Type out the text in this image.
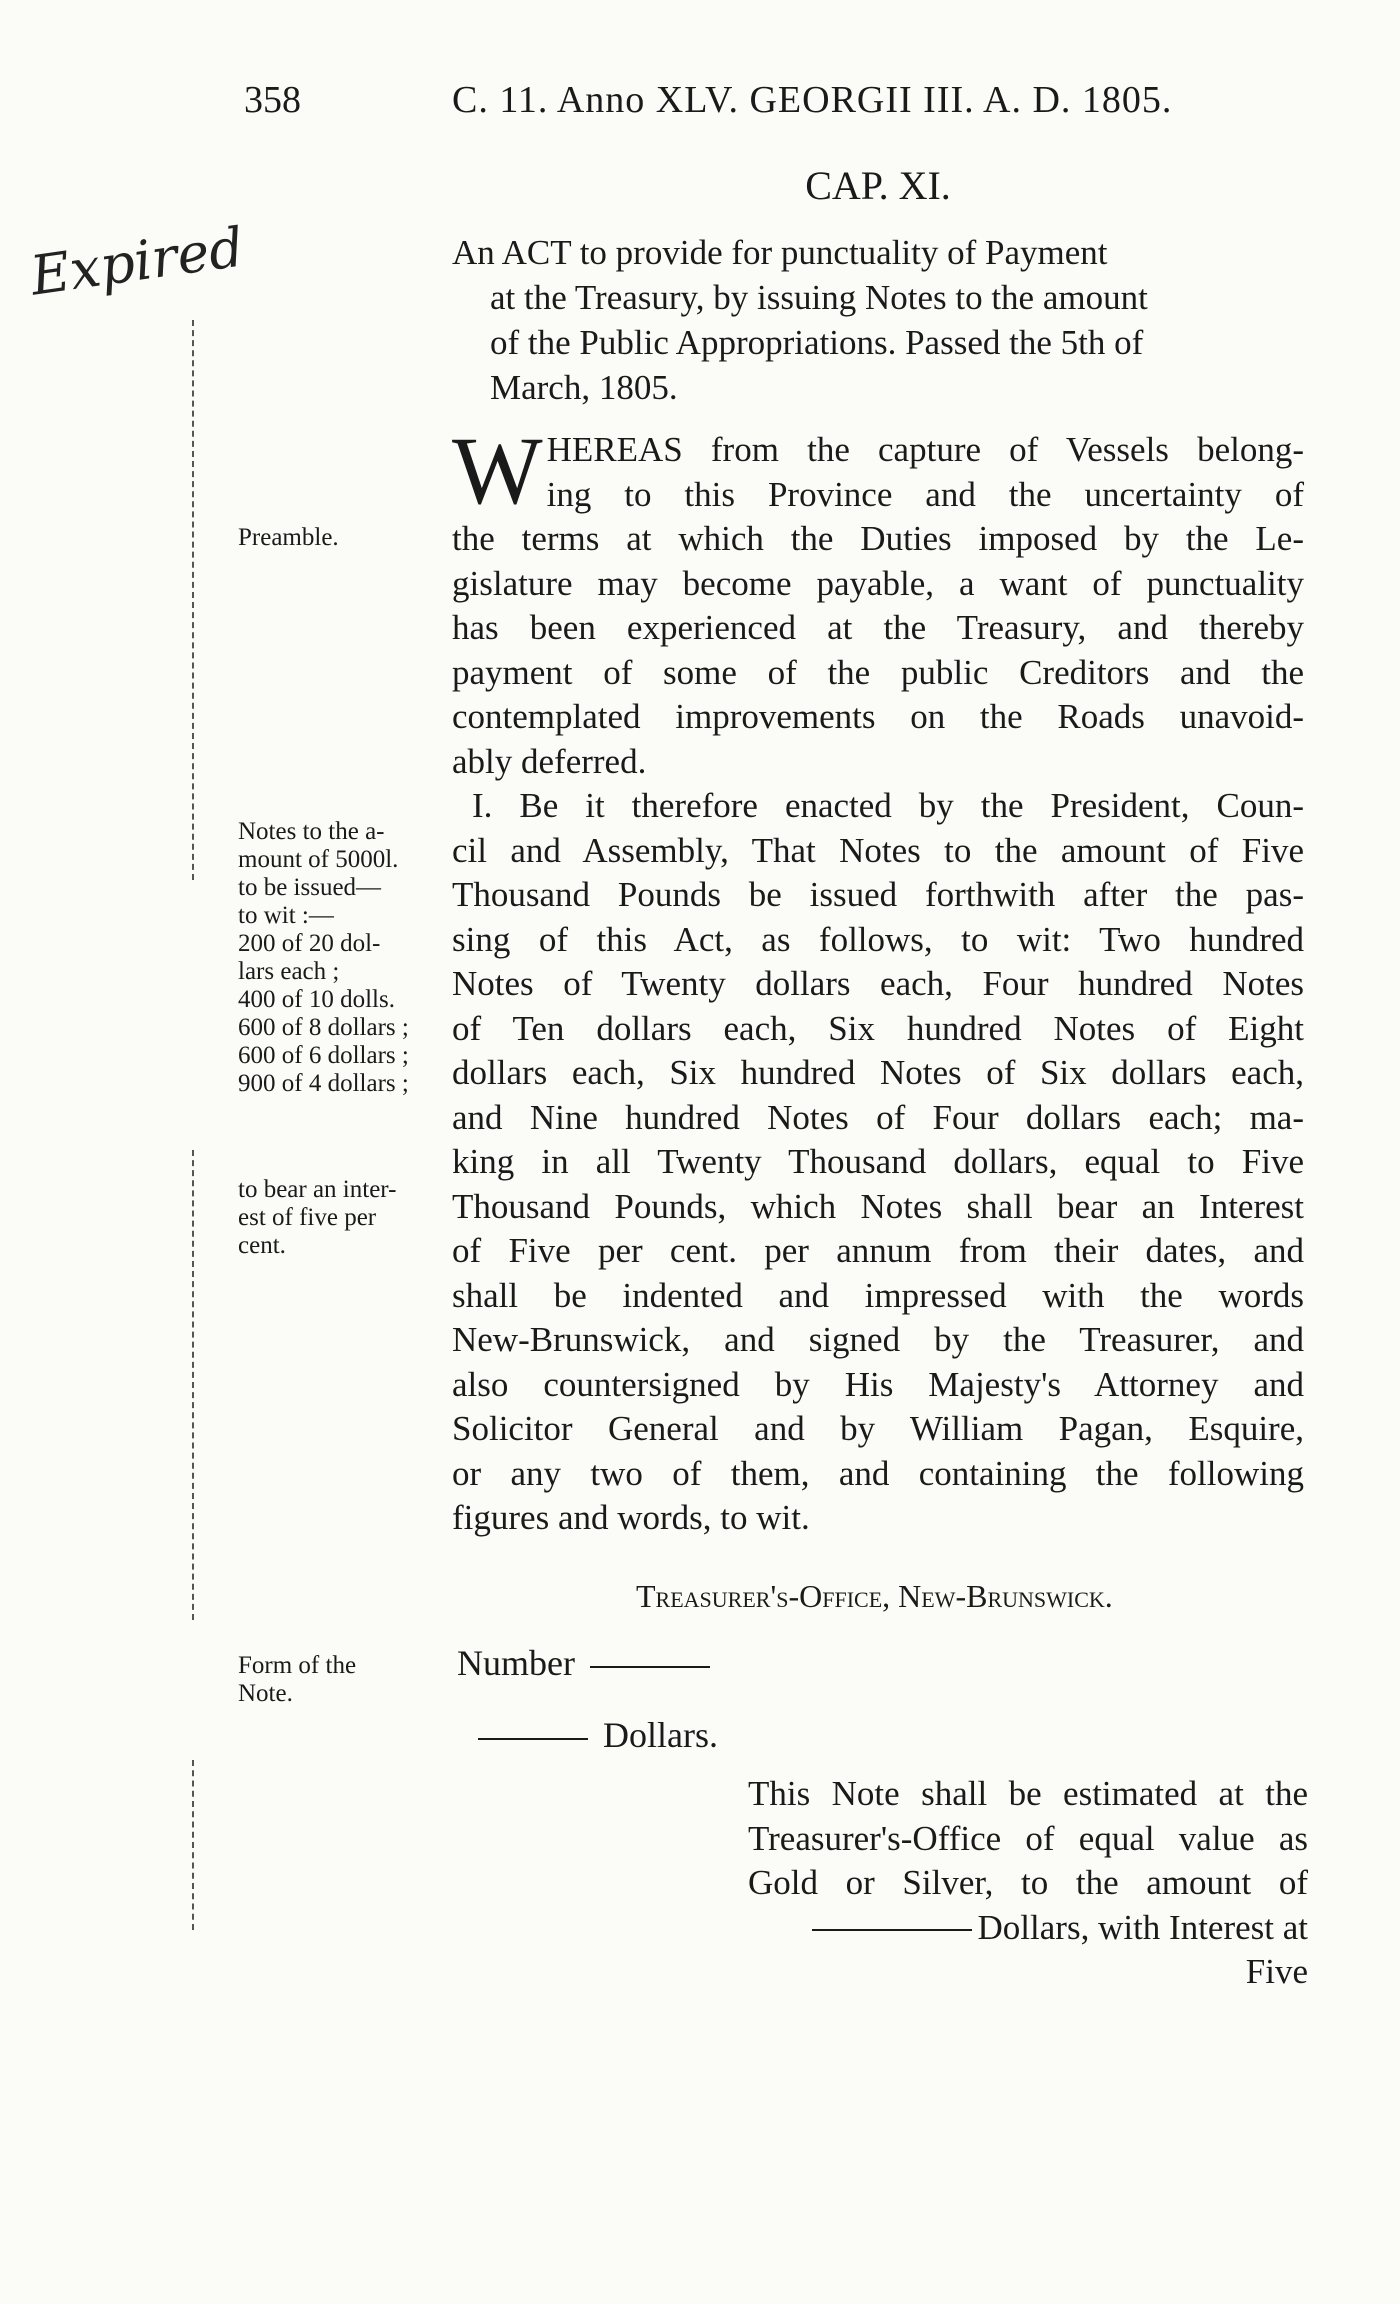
358	C. 11. Anno XLV. GEORGII III. A. D. 1805.
Expired
CAP. XI.
An ACT to provide for punctuality of Payment
at the Treasury, by issuing Notes to the amount
of the Public Appropriations. Passed the 5th of
March, 1805.
W HEREAS from the capture of Vessels belong-
ing to this Province and the uncertainty of
the terms at which the Duties imposed by the Le-
gislature may become payable, a want of punctuality
has been experienced at the Treasury, and thereby
payment of some of the public Creditors and the
contemplated improvements on the Roads unavoid-
ably deferred.
I. Be it therefore enacted by the President, Coun-
cil and Assembly, That Notes to the amount of Five
Thousand Pounds be issued forthwith after the pas-
sing of this Act, as follows, to wit: Two hundred
Notes of Twenty dollars each, Four hundred Notes
of Ten dollars each, Six hundred Notes of Eight
dollars each, Six hundred Notes of Six dollars each,
and Nine hundred Notes of Four dollars each; ma-
king in all Twenty Thousand dollars, equal to Five
Thousand Pounds, which Notes shall bear an Interest
of Five per cent. per annum from their dates, and
shall be indented and impressed with the words
New-Brunswick, and signed by the Treasurer, and
also countersigned by His Majesty's Attorney and
Solicitor General and by William Pagan, Esquire,
or any two of them, and containing the following
figures and words, to wit.
Preamble.
Notes to the a-
mount of 5000l.
to be issued—
to wit :—
200 of 20 dol-
lars each ;
400 of 10 dolls.
600 of 8 dollars ;
600 of 6 dollars ;
900 of 4 dollars ;
to bear an inter-
est of five per
cent.
Form of the
Note.
Treasurer's-Office, New-Brunswick.
Number
Dollars.
This Note shall be estimated at the
Treasurer's-Office of equal value as
Gold or Silver, to the amount of
Dollars, with Interest at
Five
